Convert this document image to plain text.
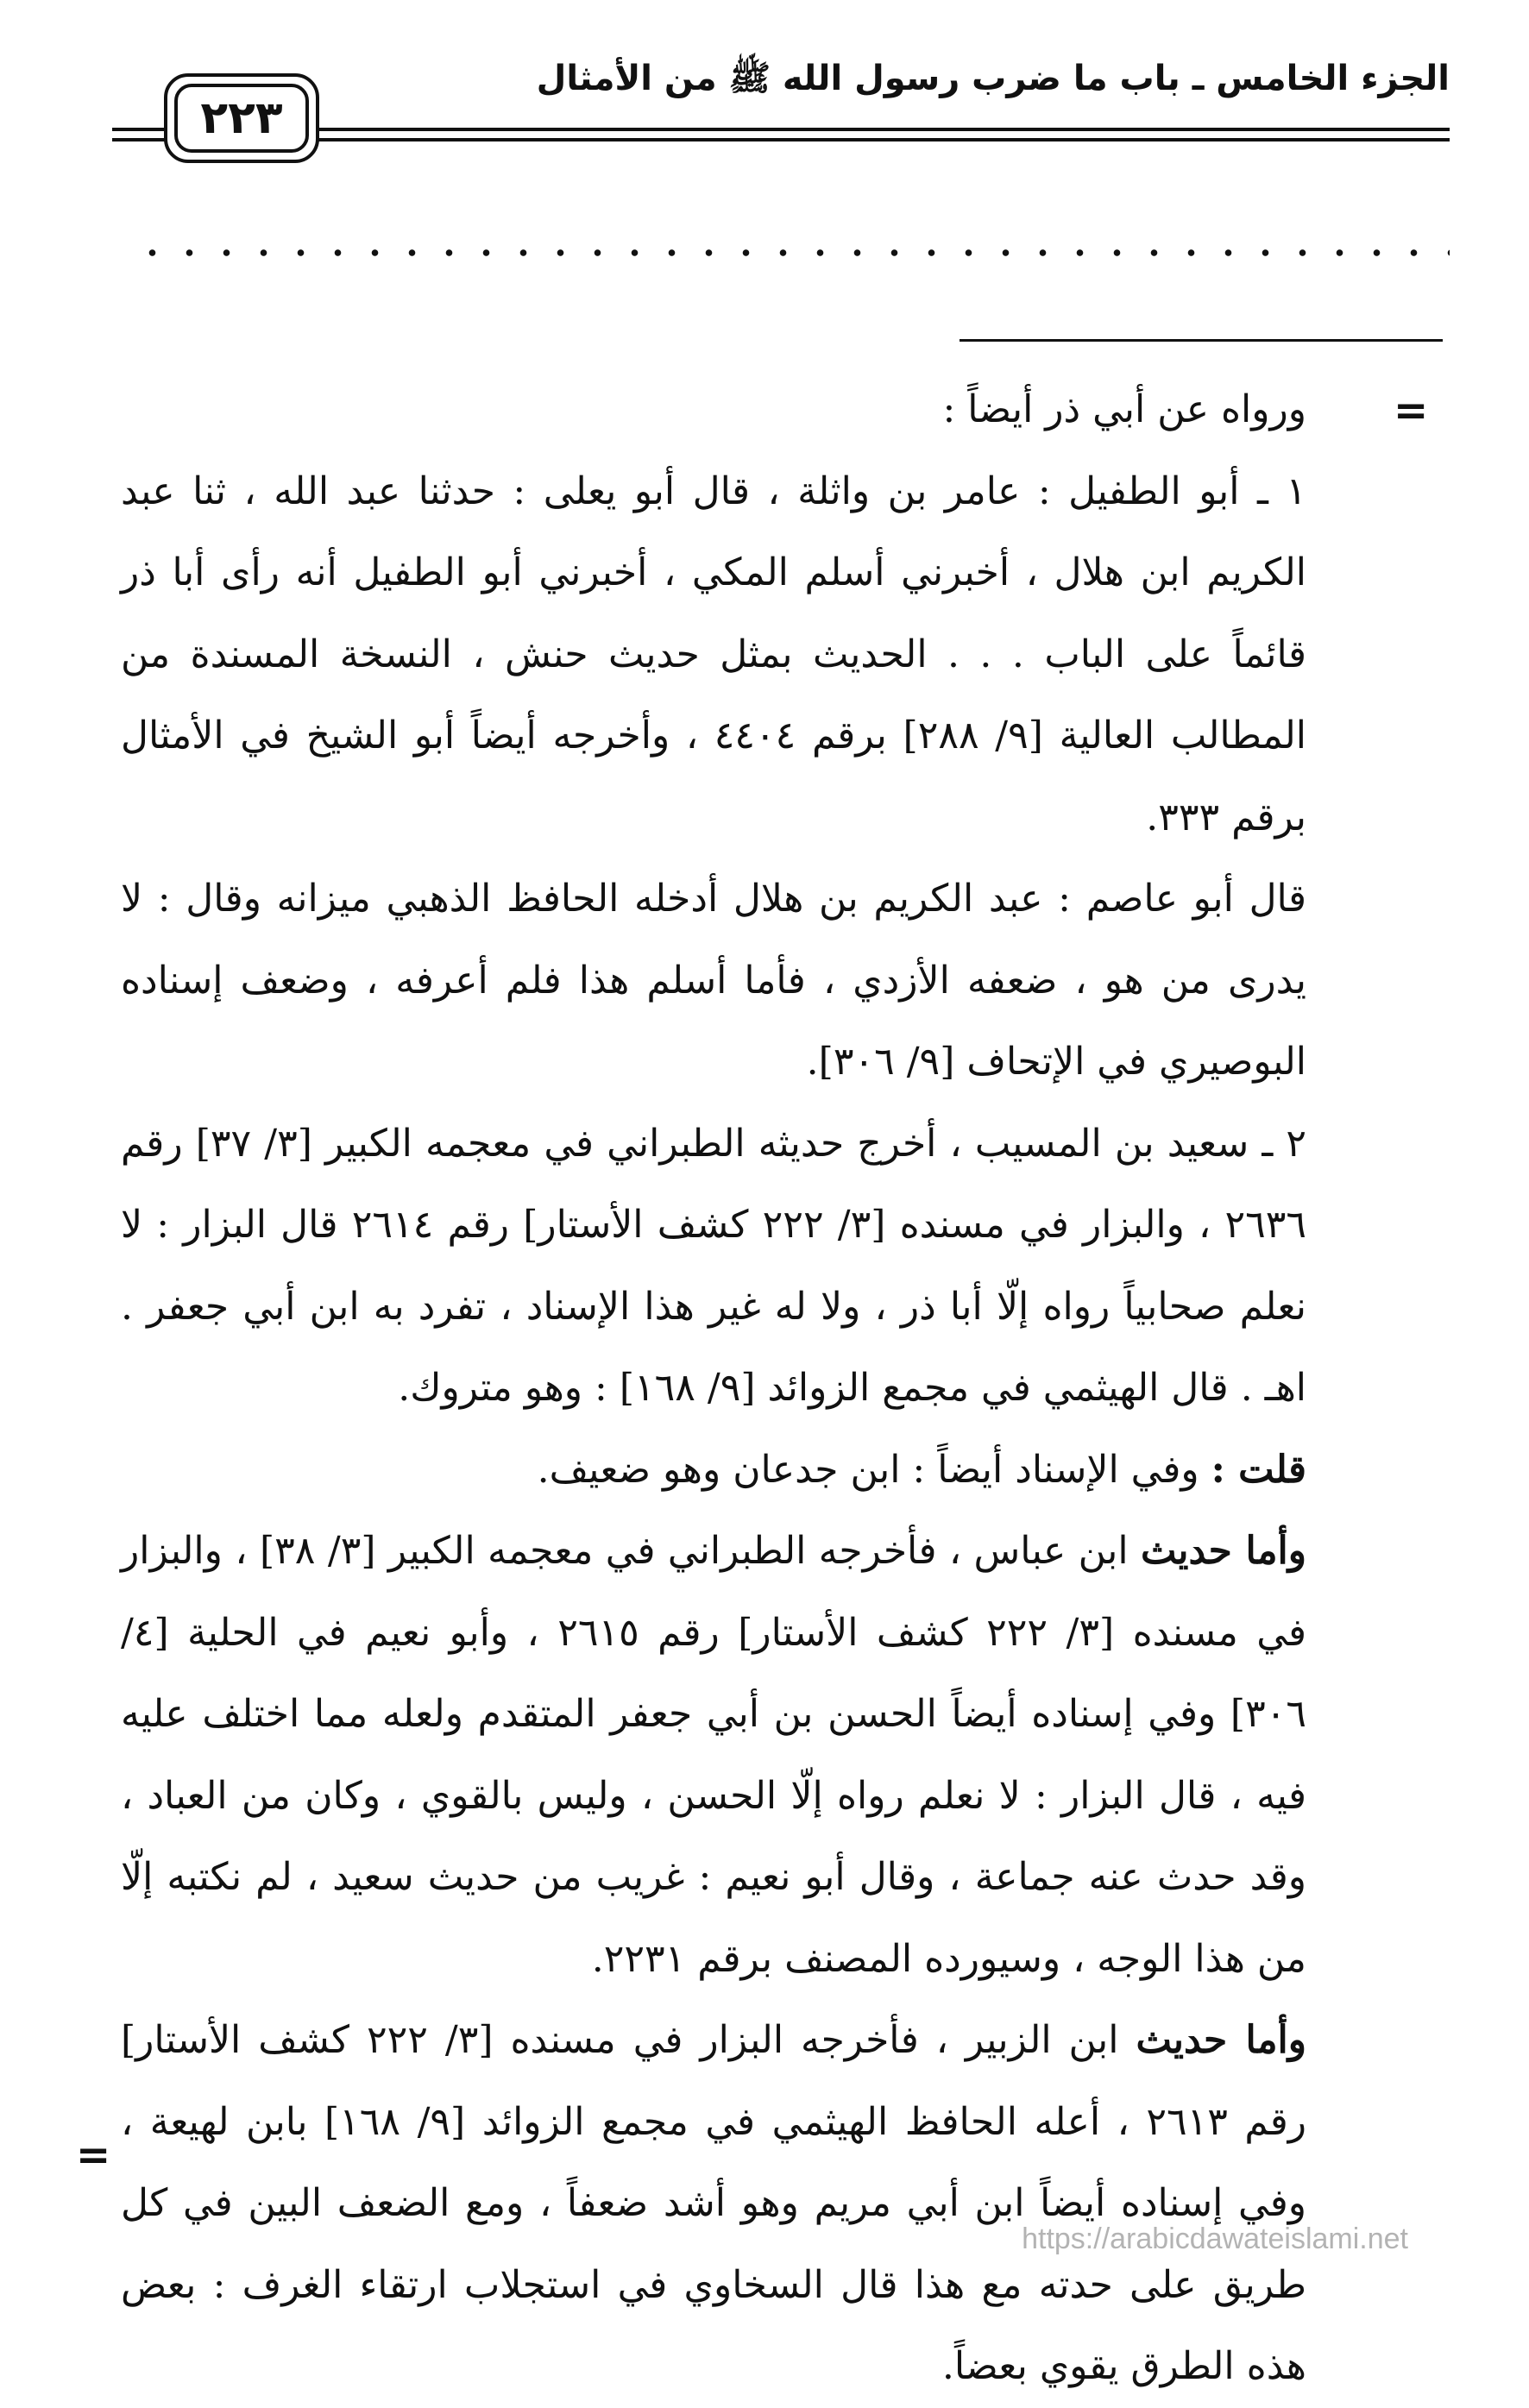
الجزء الخامس ـ باب ما ضرب رسول الله ﷺ من الأمثال
٢٢٣
=

ورواه عن أبي ذر أيضاً :

١ ـ أبو الطفيل : عامر بن واثلة ، قال أبو يعلى : حدثنا عبد الله ، ثنا عبد الكريم ابن هلال ، أخبرني أسلم المكي ، أخبرني أبو الطفيل أنه رأى أبا ذر قائماً على الباب . . . الحديث بمثل حديث حنش ، النسخة المسندة من المطالب العالية [٩/ ٢٨٨] برقم ٤٤٠٤ ، وأخرجه أيضاً أبو الشيخ في الأمثال برقم ٣٣٣.

قال أبو عاصم : عبد الكريم بن هلال أدخله الحافظ الذهبي ميزانه وقال : لا يدرى من هو ، ضعفه الأزدي ، فأما أسلم هذا فلم أعرفه ، وضعف إسناده البوصيري في الإتحاف [٩/ ٣٠٦].

٢ ـ سعيد بن المسيب ، أخرج حديثه الطبراني في معجمه الكبير [٣/ ٣٧] رقم ٢٦٣٦ ، والبزار في مسنده [٣/ ٢٢٢ كشف الأستار] رقم ٢٦١٤ قال البزار : لا نعلم صحابياً رواه إلّا أبا ذر ، ولا له غير هذا الإسناد ، تفرد به ابن أبي جعفر . اهـ . قال الهيثمي في مجمع الزوائد [٩/ ١٦٨] : وهو متروك.

قلت : وفي الإسناد أيضاً : ابن جدعان وهو ضعيف.

وأما حديث ابن عباس ، فأخرجه الطبراني في معجمه الكبير [٣/ ٣٨] ، والبزار في مسنده [٣/ ٢٢٢ كشف الأستار] رقم ٢٦١٥ ، وأبو نعيم في الحلية [٤/ ٣٠٦] وفي إسناده أيضاً الحسن بن أبي جعفر المتقدم ولعله مما اختلف عليه فيه ، قال البزار : لا نعلم رواه إلّا الحسن ، وليس بالقوي ، وكان من العباد ، وقد حدث عنه جماعة ، وقال أبو نعيم : غريب من حديث سعيد ، لم نكتبه إلّا من هذا الوجه ، وسيورده المصنف برقم ٢٢٣١.

وأما حديث ابن الزبير ، فأخرجه البزار في مسنده [٣/ ٢٢٢ كشف الأستار] رقم ٢٦١٣ ، أعله الحافظ الهيثمي في مجمع الزوائد [٩/ ١٦٨] بابن لهيعة ، وفي إسناده أيضاً ابن أبي مريم وهو أشد ضعفاً ، ومع الضعف البين في كل طريق على حدته مع هذا قال السخاوي في استجلاب ارتقاء الغرف : بعض هذه الطرق يقوي بعضاً.

=
https://arabicdawateislami.net
